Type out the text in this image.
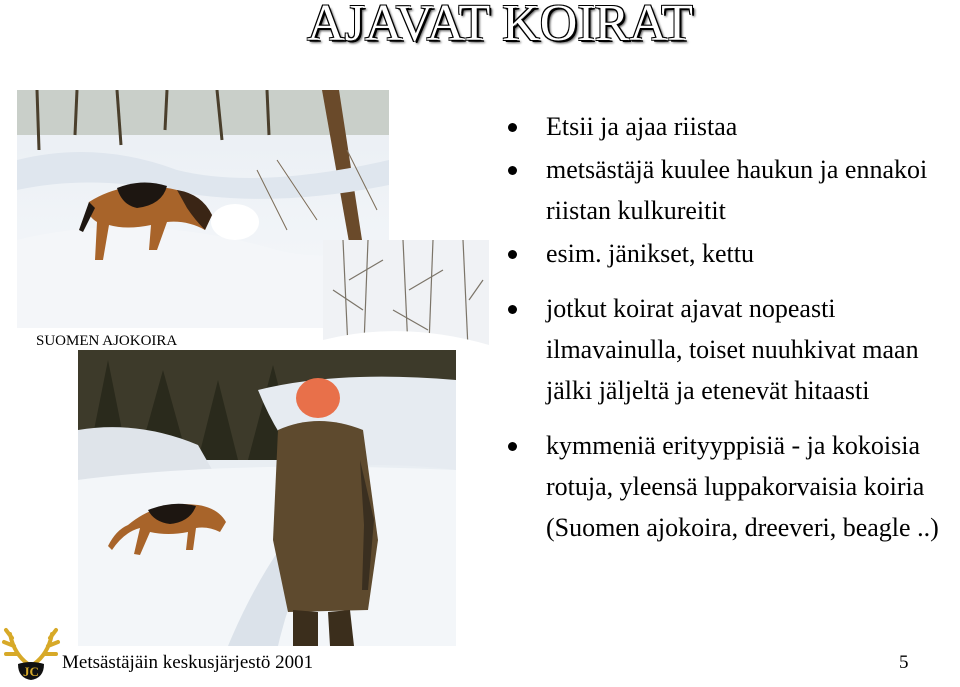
AJAVAT KOIRAT
SUOMEN AJOKOIRA
Etsii ja ajaa riistaa
metsästäjä kuulee haukun ja ennakoi riistan kulkureitit
esim. jänikset, kettu
jotkut koirat ajavat nopeasti ilmavainulla, toiset nuuhkivat maan jälki jäljeltä ja etenevät hitaasti
kymmeniä erityyppisiä - ja kokoisia rotuja, yleensä luppakorvaisia koiria (Suomen ajokoira, dreeveri, beagle ..)
JC Metsästäjäin keskusjärjestö 2001	5
